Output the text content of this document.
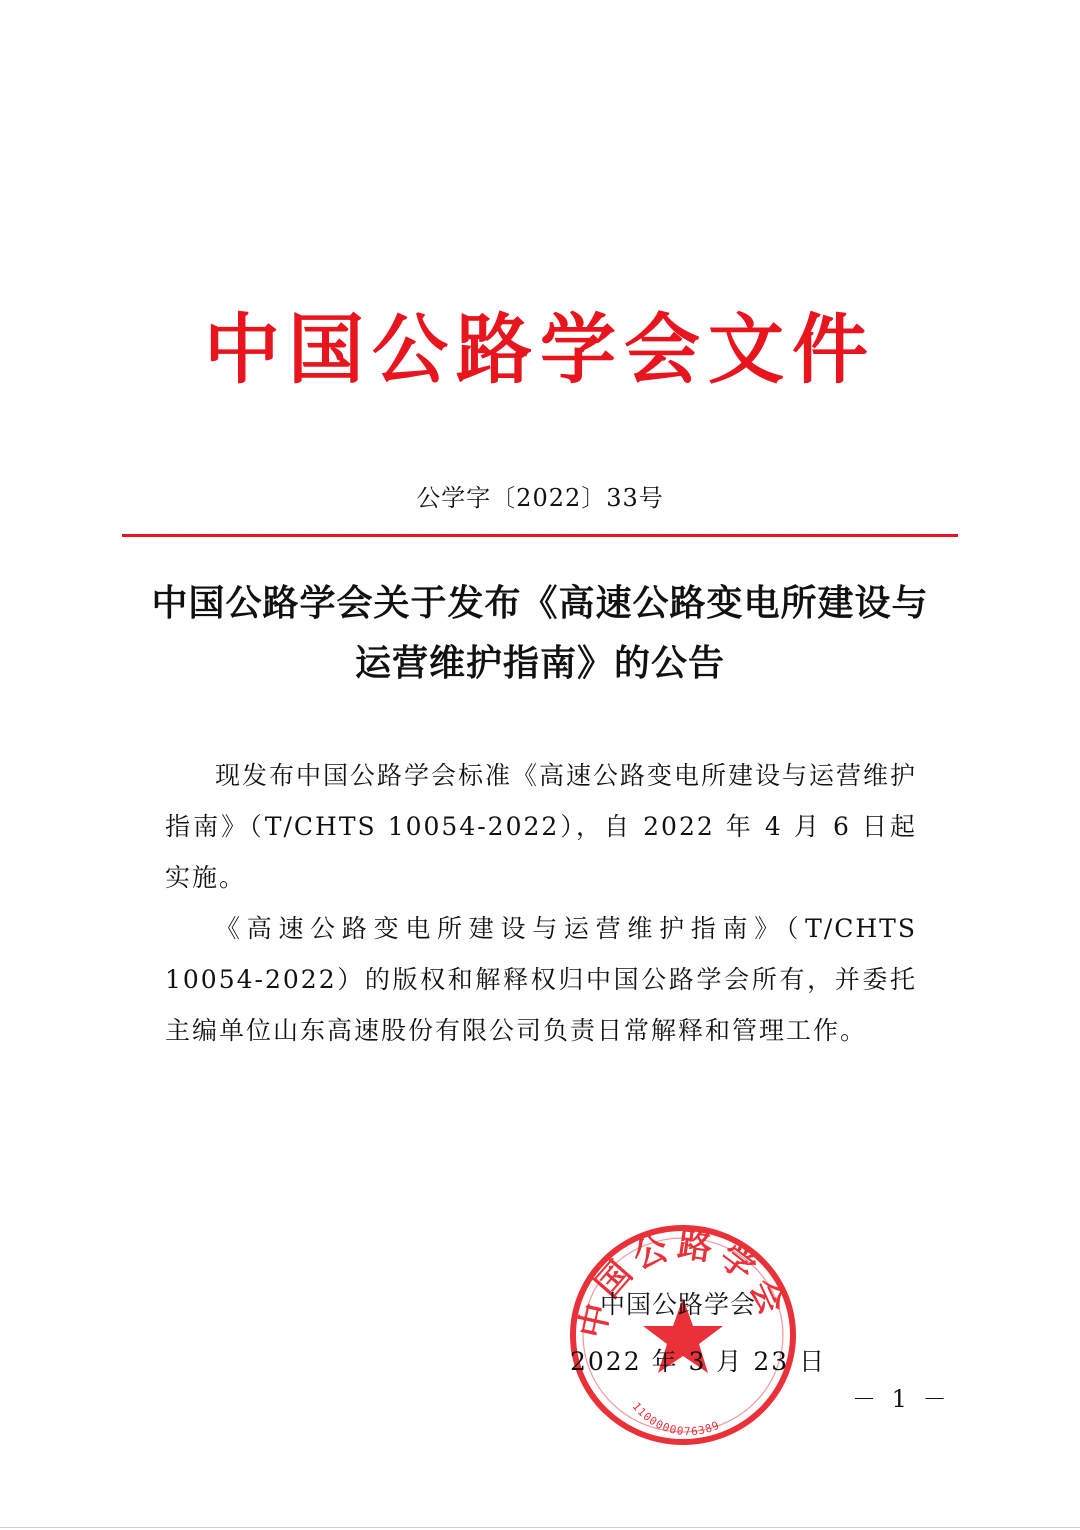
中国公路学会文件
公学字〔2022〕33号
中国公路学会关于发布《高速公路变电所建设与
运营维护指南》的公告

现发布中国公路学会标准《高速公路变电所建设与运营维护指南》（T/CHTS 10054-2022），自 2022 年 4 月 6 日起实施。

《高速公路变电所建设与运营维护指南》（T/CHTS 10054-2022）的版权和解释权归中国公路学会所有，并委托主编单位山东高速股份有限公司负责日常解释和管理工作。

中国公路学会
1100000076389
中国公路学会
2022 年 3 月 23 日
－ 1 －
